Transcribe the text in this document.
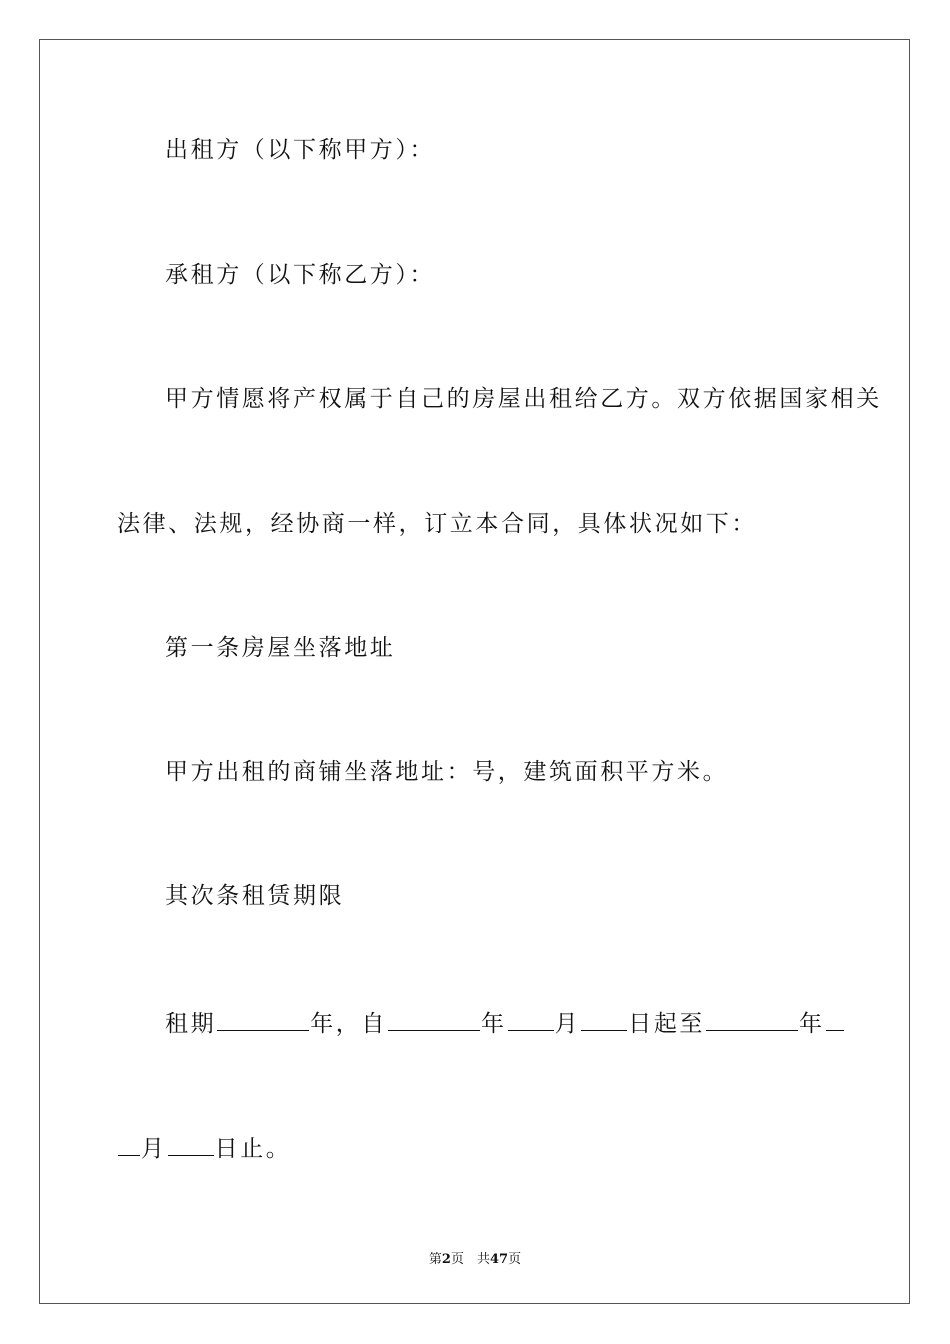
出租方（以下称甲方）：
承租方（以下称乙方）：
甲方情愿将产权属于自己的房屋出租给乙方。双方依据国家相关
法律、法规，经协商一样，订立本合同，具体状况如下：
第一条房屋坐落地址
甲方出租的商铺坐落地址：号，建筑面积平方米。
其次条租赁期限
租期	年，自	年 月 日起至	年
月 日止。
第2页　共47页
